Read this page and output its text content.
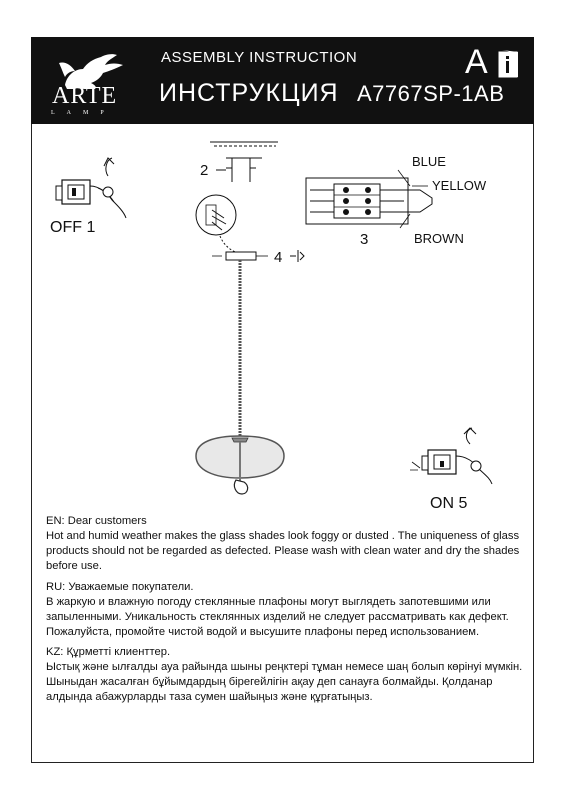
ARTE
LAMP
ASSEMBLY INSTRUCTION
ИНСТРУКЦИЯ A7767SP-1AB
A
OFF 1
2
4
BLUE
YELLOW
BROWN
3
ON 5

EN: Dear customers

Hot and humid weather makes the glass shades look foggy or dusted . The uniqueness of glass products should not be regarded as defected. Please wash with clean water and dry the shades before use.

RU: Уважаемые покупатели.

В жаркую и влажную погоду стеклянные плафоны могут выглядеть запотевшими или запыленными. Уникальность стеклянных изделий не следует рассматривать как дефект. Пожалуйста, промойте чистой водой и высушите плафоны перед использованием.

KZ: Құрметті клиенттер.

Ыстық және ылғалды ауа райында шыны реңктері тұман немесе шаң болып көрінуі мүмкін. Шыныдан жасалған бұйымдардың бірегейлігін ақау деп санауға болмайды. Қолданар алдында абажурларды таза сумен шайыңыз және құрғатыңыз.
